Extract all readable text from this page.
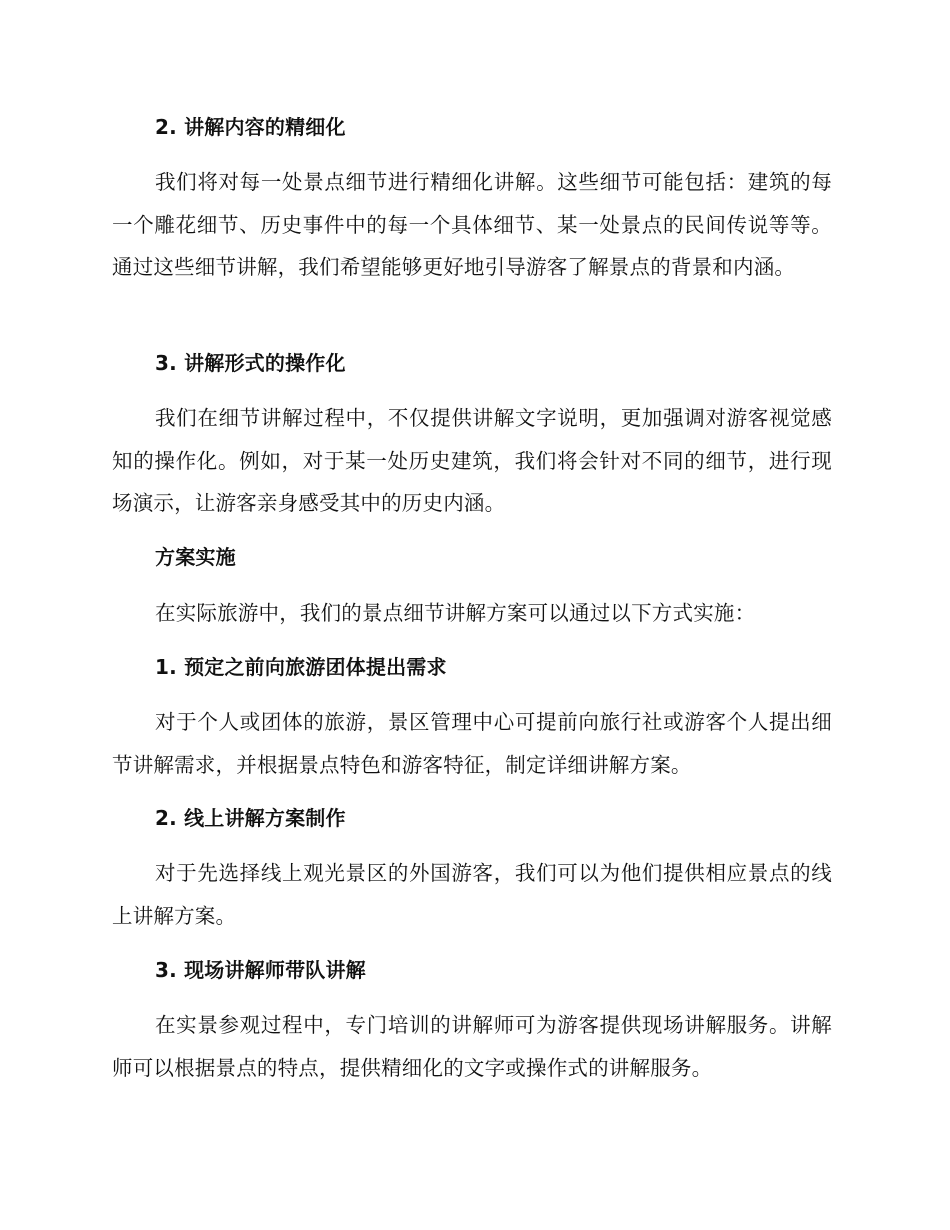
2. 讲解内容的精细化
我们将对每一处景点细节进行精细化讲解。这些细节可能包括：建筑的每一个雕花细节、历史事件中的每一个具体细节、某一处景点的民间传说等等。通过这些细节讲解，我们希望能够更好地引导游客了解景点的背景和内涵。
3. 讲解形式的操作化
我们在细节讲解过程中，不仅提供讲解文字说明，更加强调对游客视觉感知的操作化。例如，对于某一处历史建筑，我们将会针对不同的细节，进行现场演示，让游客亲身感受其中的历史内涵。
方案实施
在实际旅游中，我们的景点细节讲解方案可以通过以下方式实施：
1. 预定之前向旅游团体提出需求
对于个人或团体的旅游，景区管理中心可提前向旅行社或游客个人提出细节讲解需求，并根据景点特色和游客特征，制定详细讲解方案。
2. 线上讲解方案制作
对于先选择线上观光景区的外国游客，我们可以为他们提供相应景点的线上讲解方案。
3. 现场讲解师带队讲解
在实景参观过程中，专门培训的讲解师可为游客提供现场讲解服务。讲解师可以根据景点的特点，提供精细化的文字或操作式的讲解服务。
